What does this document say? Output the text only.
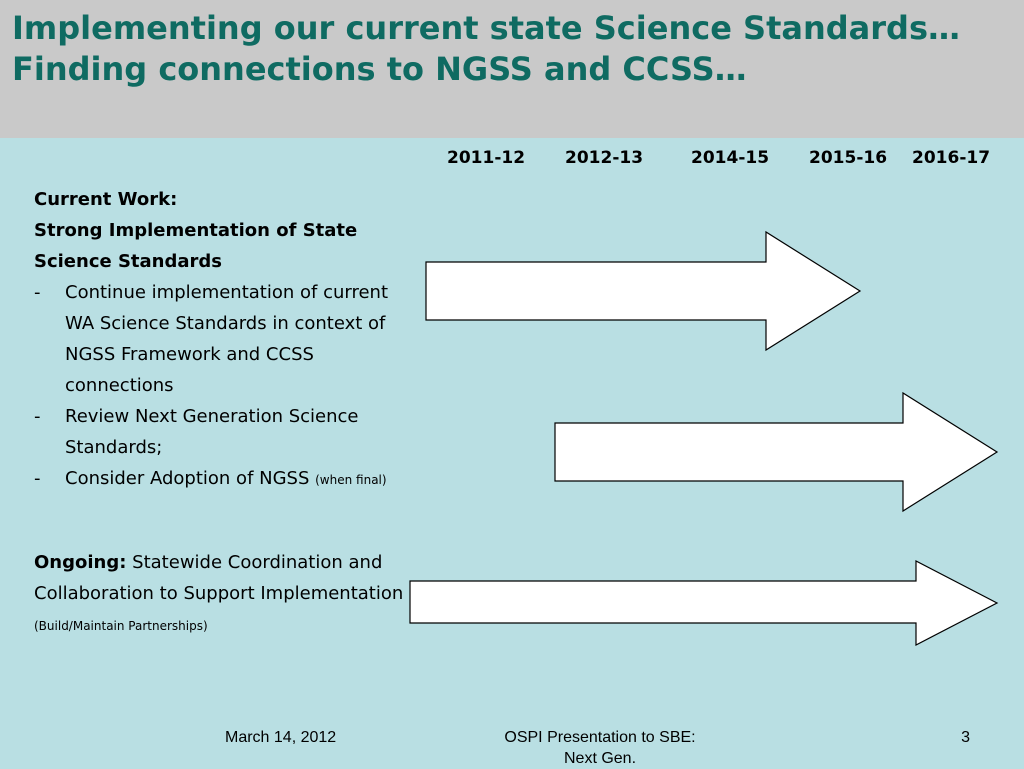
Implementing our current state Science Standards… Finding connections to NGSS and CCSS…
2011-12 2012-13	2014-15 2015-16 2016-17
Current Work:
Strong Implementation of State Science Standards
- Continue implementation of current WA Science Standards in context of NGSS Framework and CCSS connections
- Review Next Generation Science Standards;
- Consider Adoption of NGSS (when final)
Ongoing: Statewide Coordination and Collaboration to Support Implementation (Build/Maintain Partnerships)
March 14, 2012	OSPI Presentation to SBE: Next Gen.
3
